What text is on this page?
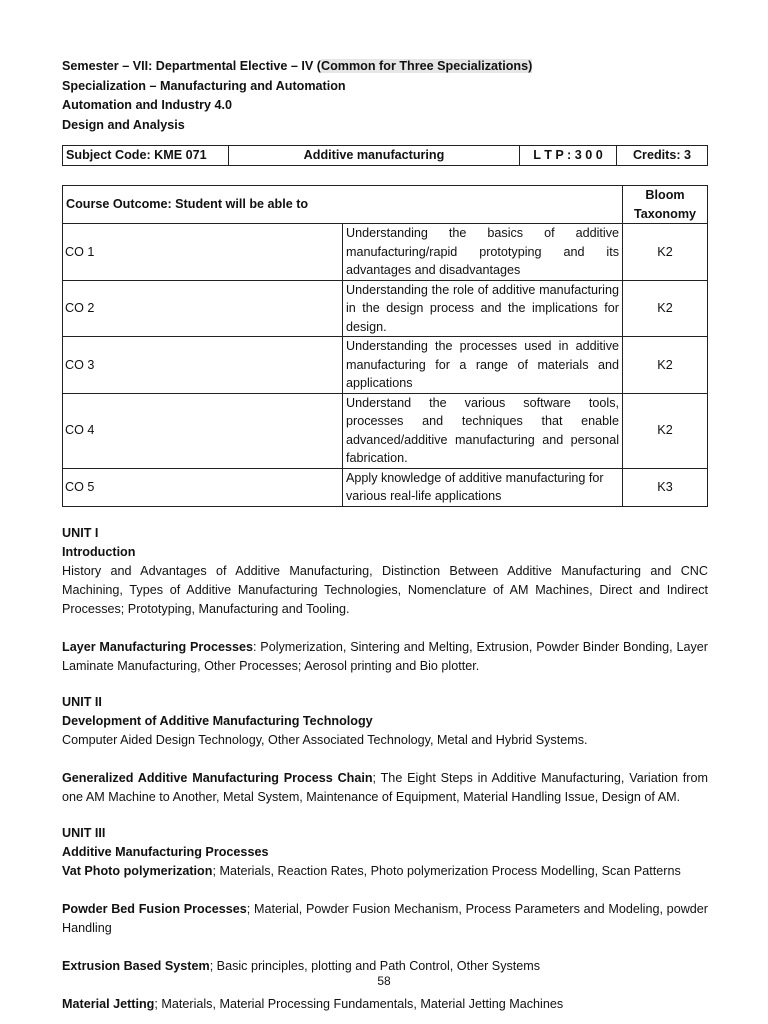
Semester – VII: Departmental Elective – IV (Common for Three Specializations)
Specialization – Manufacturing and Automation
Automation and Industry 4.0
Design and Analysis
Subject Code: KME 071	Additive manufacturing	L T P : 3 0 0	Credits: 3
Course Outcome: Student will be able to		Bloom Taxonomy
CO 1	Understanding the basics of additive manufacturing/rapid prototyping and its advantages and disadvantages	K2
CO 2	Understanding the role of additive manufacturing in the design process and the implications for design.	K2
CO 3	Understanding the processes used in additive manufacturing for a range of materials and applications	K2
CO 4	Understand the various software tools, processes and techniques that enable advanced/additive manufacturing and personal fabrication.	K2
CO 5	Apply knowledge of additive manufacturing for various real-life applications	K3
UNIT I
Introduction

History and Advantages of Additive Manufacturing, Distinction Between Additive Manufacturing and CNC Machining, Types of Additive Manufacturing Technologies, Nomenclature of AM Machines, Direct and Indirect Processes; Prototyping, Manufacturing and Tooling.

Layer Manufacturing Processes: Polymerization, Sintering and Melting, Extrusion, Powder Binder Bonding, Layer Laminate Manufacturing, Other Processes; Aerosol printing and Bio plotter.

UNIT II
Development of Additive Manufacturing Technology

Computer Aided Design Technology, Other Associated Technology, Metal and Hybrid Systems.

Generalized Additive Manufacturing Process Chain; The Eight Steps in Additive Manufacturing, Variation from one AM Machine to Another, Metal System, Maintenance of Equipment, Material Handling Issue, Design of AM.

UNIT III
Additive Manufacturing Processes

Vat Photo polymerization; Materials, Reaction Rates, Photo polymerization Process Modelling, Scan Patterns

Powder Bed Fusion Processes; Material, Powder Fusion Mechanism, Process Parameters and Modeling, powder Handling

Extrusion Based System; Basic principles, plotting and Path Control, Other Systems

Material Jetting; Materials, Material Processing Fundamentals, Material Jetting Machines

58
